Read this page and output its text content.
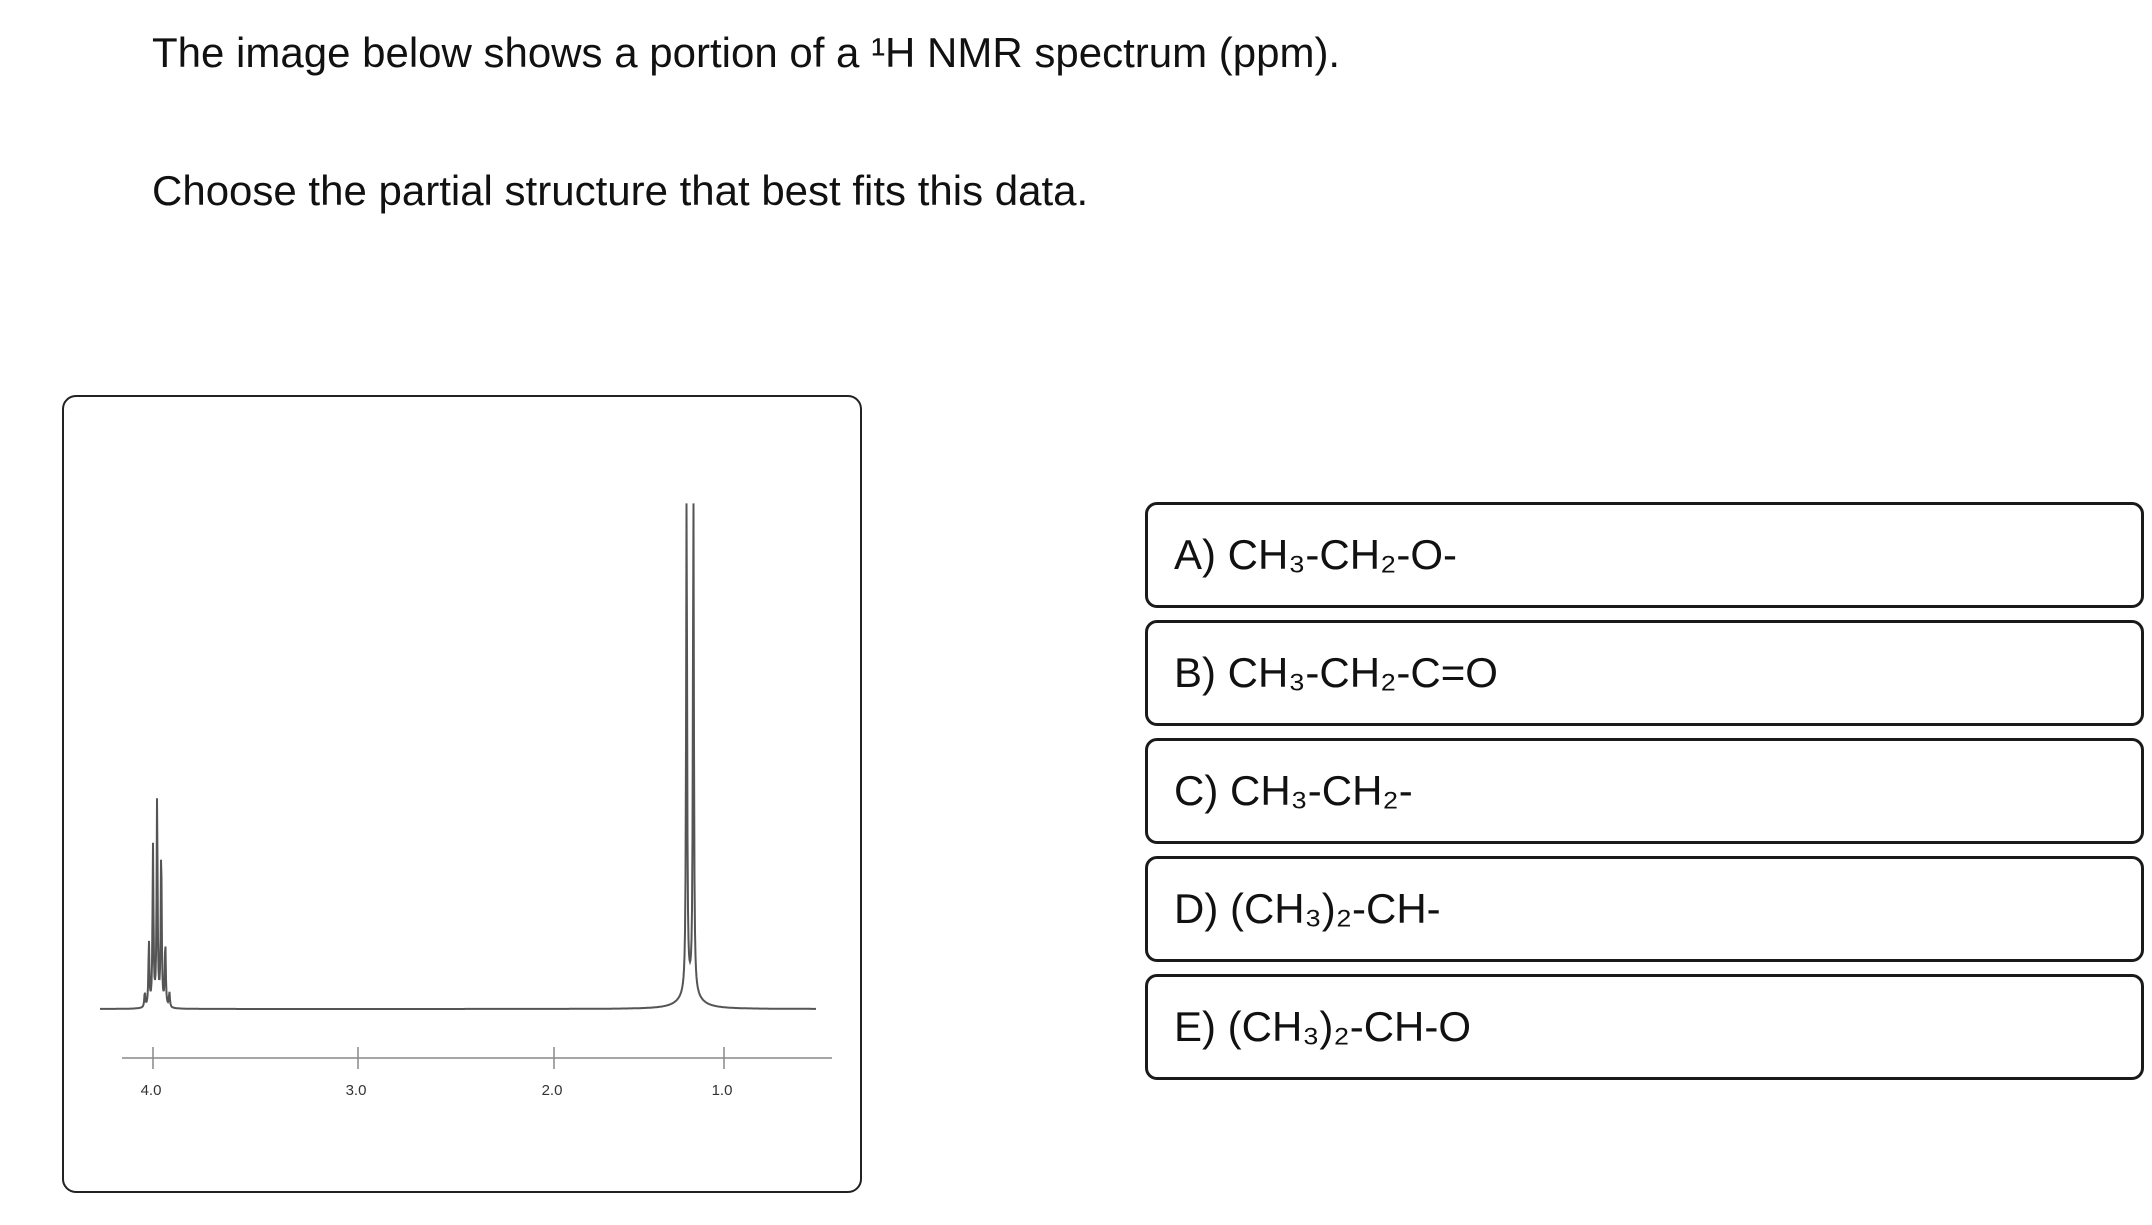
The image below shows a portion of a ¹H NMR spectrum (ppm).
Choose the partial structure that best fits this data.
4.0	3.0	2.0	1.0
A) CH₃-CH₂-O-
B) CH₃-CH₂-C=O
C) CH₃-CH₂-
D) (CH₃)₂-CH-
E) (CH₃)₂-CH-O
